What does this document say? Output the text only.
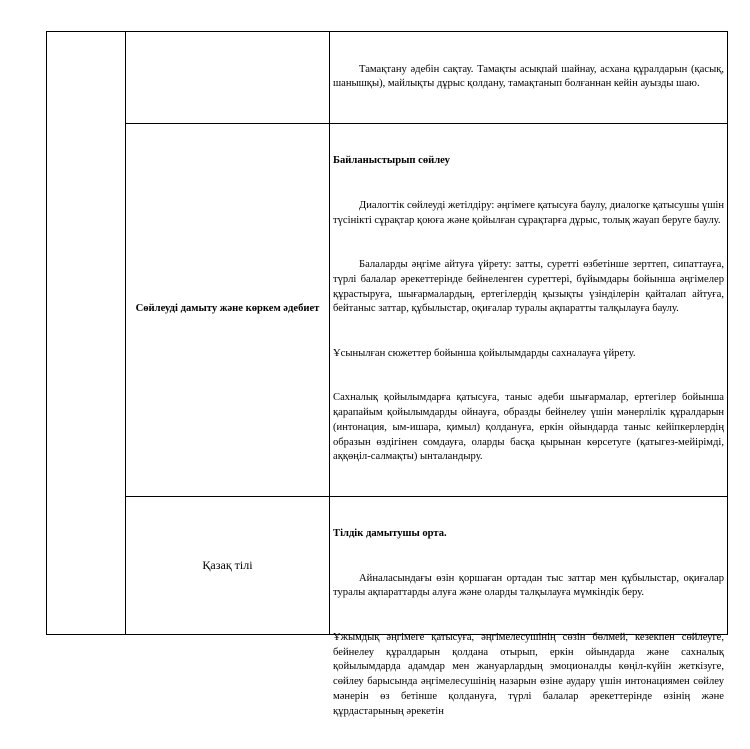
		Тамақтану әдебін сақтау. Тамақты асықпай шайнау, асхана құралдарын (қасық, шанышқы), майлықты дұрыс қолдану, тамақтанып болғаннан кейін ауызды шаю.

	Сөйлеуді дамыту және көркем әдебиет	Байланыстырып сөйлеу

Диалогтік сөйлеуді жетілдіру: әңгімеге қатысуға баулу, диалогке қатысушы үшін түсінікті сұрақтар қоюға және қойылған сұрақтарға дұрыс, толық жауап беруге баулу.

Балаларды әңгіме айтуға үйрету: затты, суретті өзбетінше зерттеп, сипаттауға, түрлі балалар әрекеттерінде бейнеленген суреттері, бұйымдары бойынша әңгімелер құрастыруға, шығармалардың, ертегілердің қызықты үзінділерін қайталап айтуға, бейтаныс заттар, құбылыстар, оқиғалар туралы ақпаратты талқылауға баулу.

Ұсынылған сюжеттер бойынша қойылымдарды сахналауға үйрету.

Сахналық қойылымдарға қатысуға, таныс әдеби шығармалар, ертегілер бойынша қарапайым қойылымдарды ойнауға, образды бейнелеу үшін мәнерлілік құралдарын (интонация, ым-ишара, қимыл) қолдануға, еркін ойындарда таныс кейіпкерлердің образын өздігінен сомдауға, оларды басқа қырынан көрсетуге (қатыгез-мейірімді, аққөңіл-салмақты) ынталандыру.

	Қазақ тілі	Тілдік дамытушы орта.

Айналасындағы өзін қоршаған ортадан тыс заттар мен құбылыстар, оқиғалар туралы ақпараттарды алуға және оларды талқылауға мүмкіндік беру.

Ұжымдық әңгімеге қатысуға, әңгімелесушінің сөзін бөлмей, кезекпен сөйлеуге, бейнелеу құралдарын қолдана отырып, еркін ойындарда және сахналық қойылымдарда адамдар мен жануарлардың эмоционалды көңіл-күйін жеткізуге, сөйлеу барысында әңгімелесушінің назарын өзіне аудару үшін интонациямен сөйлеу мәнерін өз бетінше қолдануға, түрлі балалар әрекеттерінде өзінің және құрдастарының әрекетін
